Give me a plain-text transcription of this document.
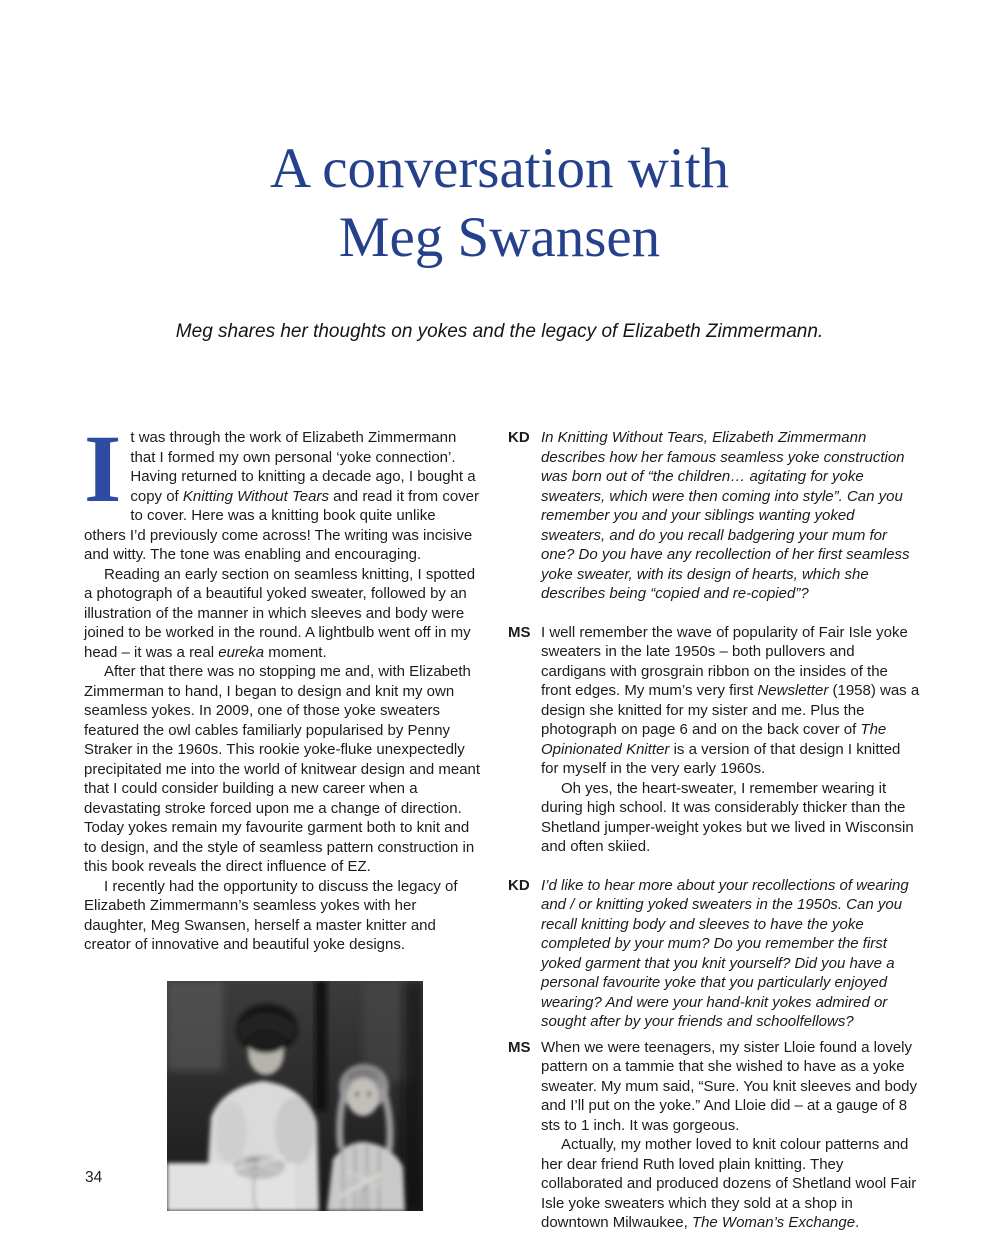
A conversation with
Meg Swansen
Meg shares her thoughts on yokes and the legacy of Elizabeth Zimmermann.

It was through the work of Elizabeth Zimmermann that I formed my own personal ‘yoke connection’. Having returned to knitting a decade ago, I bought a copy of Knitting Without Tears and read it from cover to cover. Here was a knitting book quite unlike others I’d previously come across! The writing was incisive and witty. The tone was enabling and encouraging.

Reading an early section on seamless knitting, I spotted a photograph of a beautiful yoked sweater, followed by an illustration of the manner in which sleeves and body were joined to be worked in the round. A lightbulb went off in my head – it was a real eureka moment.

After that there was no stopping me and, with Elizabeth Zimmerman to hand, I began to design and knit my own seamless yokes. In 2009, one of those yoke sweaters featured the owl cables familiarly popularised by Penny Straker in the 1960s. This rookie yoke-fluke unexpectedly precipitated me into the world of knitwear design and meant that I could consider building a new career when a devastating stroke forced upon me a change of direction. Today yokes remain my favourite garment both to knit and to design, and the style of seamless pattern construction in this book reveals the direct influence of EZ.

I recently had the opportunity to discuss the legacy of Elizabeth Zimmermann’s seamless yokes with her daughter, Meg Swansen, herself a master knitter and creator of innovative and beautiful yoke designs.

KD In Knitting Without Tears, Elizabeth Zimmermann describes how her famous seamless yoke construction was born out of “the children… agitating for yoke sweaters, which were then coming into style”. Can you remember you and your siblings wanting yoked sweaters, and do you recall badgering your mum for one? Do you have any recollection of her first seamless yoke sweater, with its design of hearts, which she describes being “copied and re-copied”?

MS I well remember the wave of popularity of Fair Isle yoke sweaters in the late 1950s – both pullovers and cardigans with grosgrain ribbon on the insides of the front edges. My mum’s very first Newsletter (1958) was a design she knitted for my sister and me. Plus the photograph on page 6 and on the back cover of The Opinionated Knitter is a version of that design I knitted for myself in the very early 1960s.

Oh yes, the heart-sweater, I remember wearing it during high school. It was considerably thicker than the Shetland jumper-weight yokes but we lived in Wisconsin and often skiied.

KD I’d like to hear more about your recollections of wearing and / or knitting yoked sweaters in the 1950s. Can you recall knitting body and sleeves to have the yoke completed by your mum? Do you remember the first yoked garment that you knit yourself? Did you have a personal favourite yoke that you particularly enjoyed wearing? And were your hand-knit yokes admired or sought after by your friends and schoolfellows?

MS When we were teenagers, my sister Lloie found a lovely pattern on a tammie that she wished to have as a yoke sweater. My mum said, “Sure. You knit sleeves and body and I’ll put on the yoke.” And Lloie did – at a gauge of 8 sts to 1 inch. It was gorgeous.

Actually, my mother loved to knit colour patterns and her dear friend Ruth loved plain knitting. They collaborated and produced dozens of Shetland wool Fair Isle yoke sweaters which they sold at a shop in downtown Milwaukee, The Woman’s Exchange.

34
